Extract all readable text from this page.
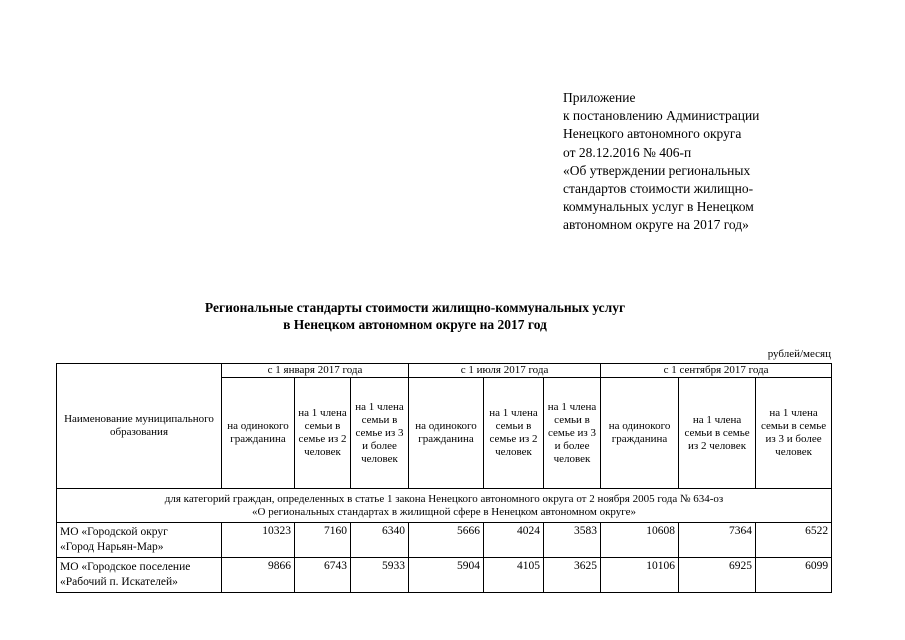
Приложение
к постановлению Администрации
Ненецкого автономного округа
от 28.12.2016 № 406-п
«Об утверждении региональных
стандартов стоимости жилищно-
коммунальных услуг в Ненецком
автономном округе на 2017 год»
Региональные стандарты стоимости жилищно-коммунальных услуг
в Ненецком автономном округе на 2017 год
рублей/месяц
Наименование муниципального образования	с 1 января 2017 года			с 1 июля 2017 года			с 1 сентября 2017 года		
	на одинокого гражданина	на 1 члена семьи в семье из 2 человек	на 1 члена семьи в семье из 3 и более человек	на одинокого гражданина	на 1 члена семьи в семье из 2 человек	на 1 члена семьи в семье из 3 и более человек	на одинокого гражданина	на 1 члена семьи в семье из 2 человек	на 1 члена семьи в семье из 3 и более человек

для категорий граждан, определенных в статье 1 закона Ненецкого автономного округа от 2 ноября 2005 года № 634-оз
«О региональных стандартах в жилищной сфере в Ненецком автономном округе»									

МО «Городской округ
«Город Нарьян-Мар»	10323	7160	6340	5666	4024	3583	10608	7364	6522

МО «Городское поселение
«Рабочий п. Искателей»	9866	6743	5933	5904	4105	3625	10106	6925	6099
